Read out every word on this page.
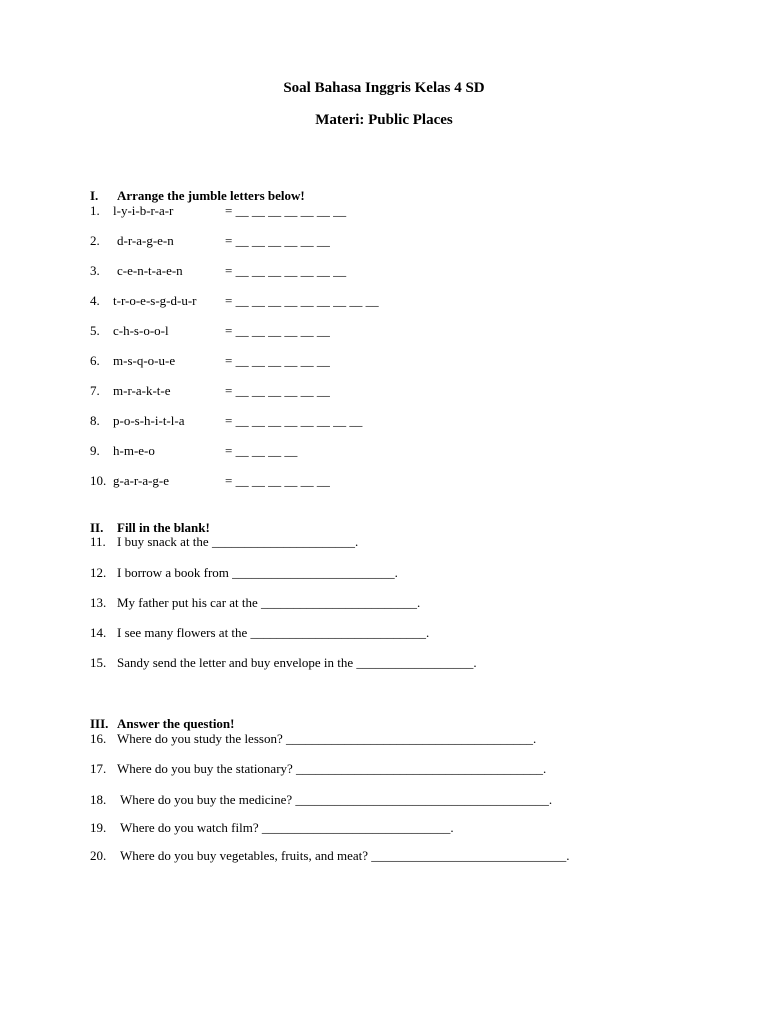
Soal Bahasa Inggris Kelas 4 SD
Materi: Public Places

I. Arrange the jumble letters below!

1. l-y-i-b-r-a-r	= __ __ __ __ __ __ __
2. d-r-a-g-e-n	= __ __ __ __ __ __
3. c-e-n-t-a-e-n	= __ __ __ __ __ __ __
4. t-r-o-e-s-g-d-u-r = __ __ __ __ __ __ __ __ __
5. c-h-s-o-o-l	= __ __ __ __ __ __
6. m-s-q-o-u-e	= __ __ __ __ __ __
7. m-r-a-k-t-e	= __ __ __ __ __ __
8. p-o-s-h-i-t-l-a	= __ __ __ __ __ __ __ __
9. h-m-e-o	= __ __ __ __
10. g-a-r-a-g-e	= __ __ __ __ __ __

II. Fill in the blank!

11. I buy snack at the ______________________.
12. I borrow a book from _________________________.
13. My father put his car at the ________________________.
14. I see many flowers at the ___________________________.
15. Sandy send the letter and buy envelope in the __________________.

III. Answer the question!

16. Where do you study the lesson? ______________________________________.
17. Where do you buy the stationary? ______________________________________.
18. Where do you buy the medicine? _______________________________________.
19. Where do you watch film? _____________________________.
20. Where do you buy vegetables, fruits, and meat? ______________________________.
